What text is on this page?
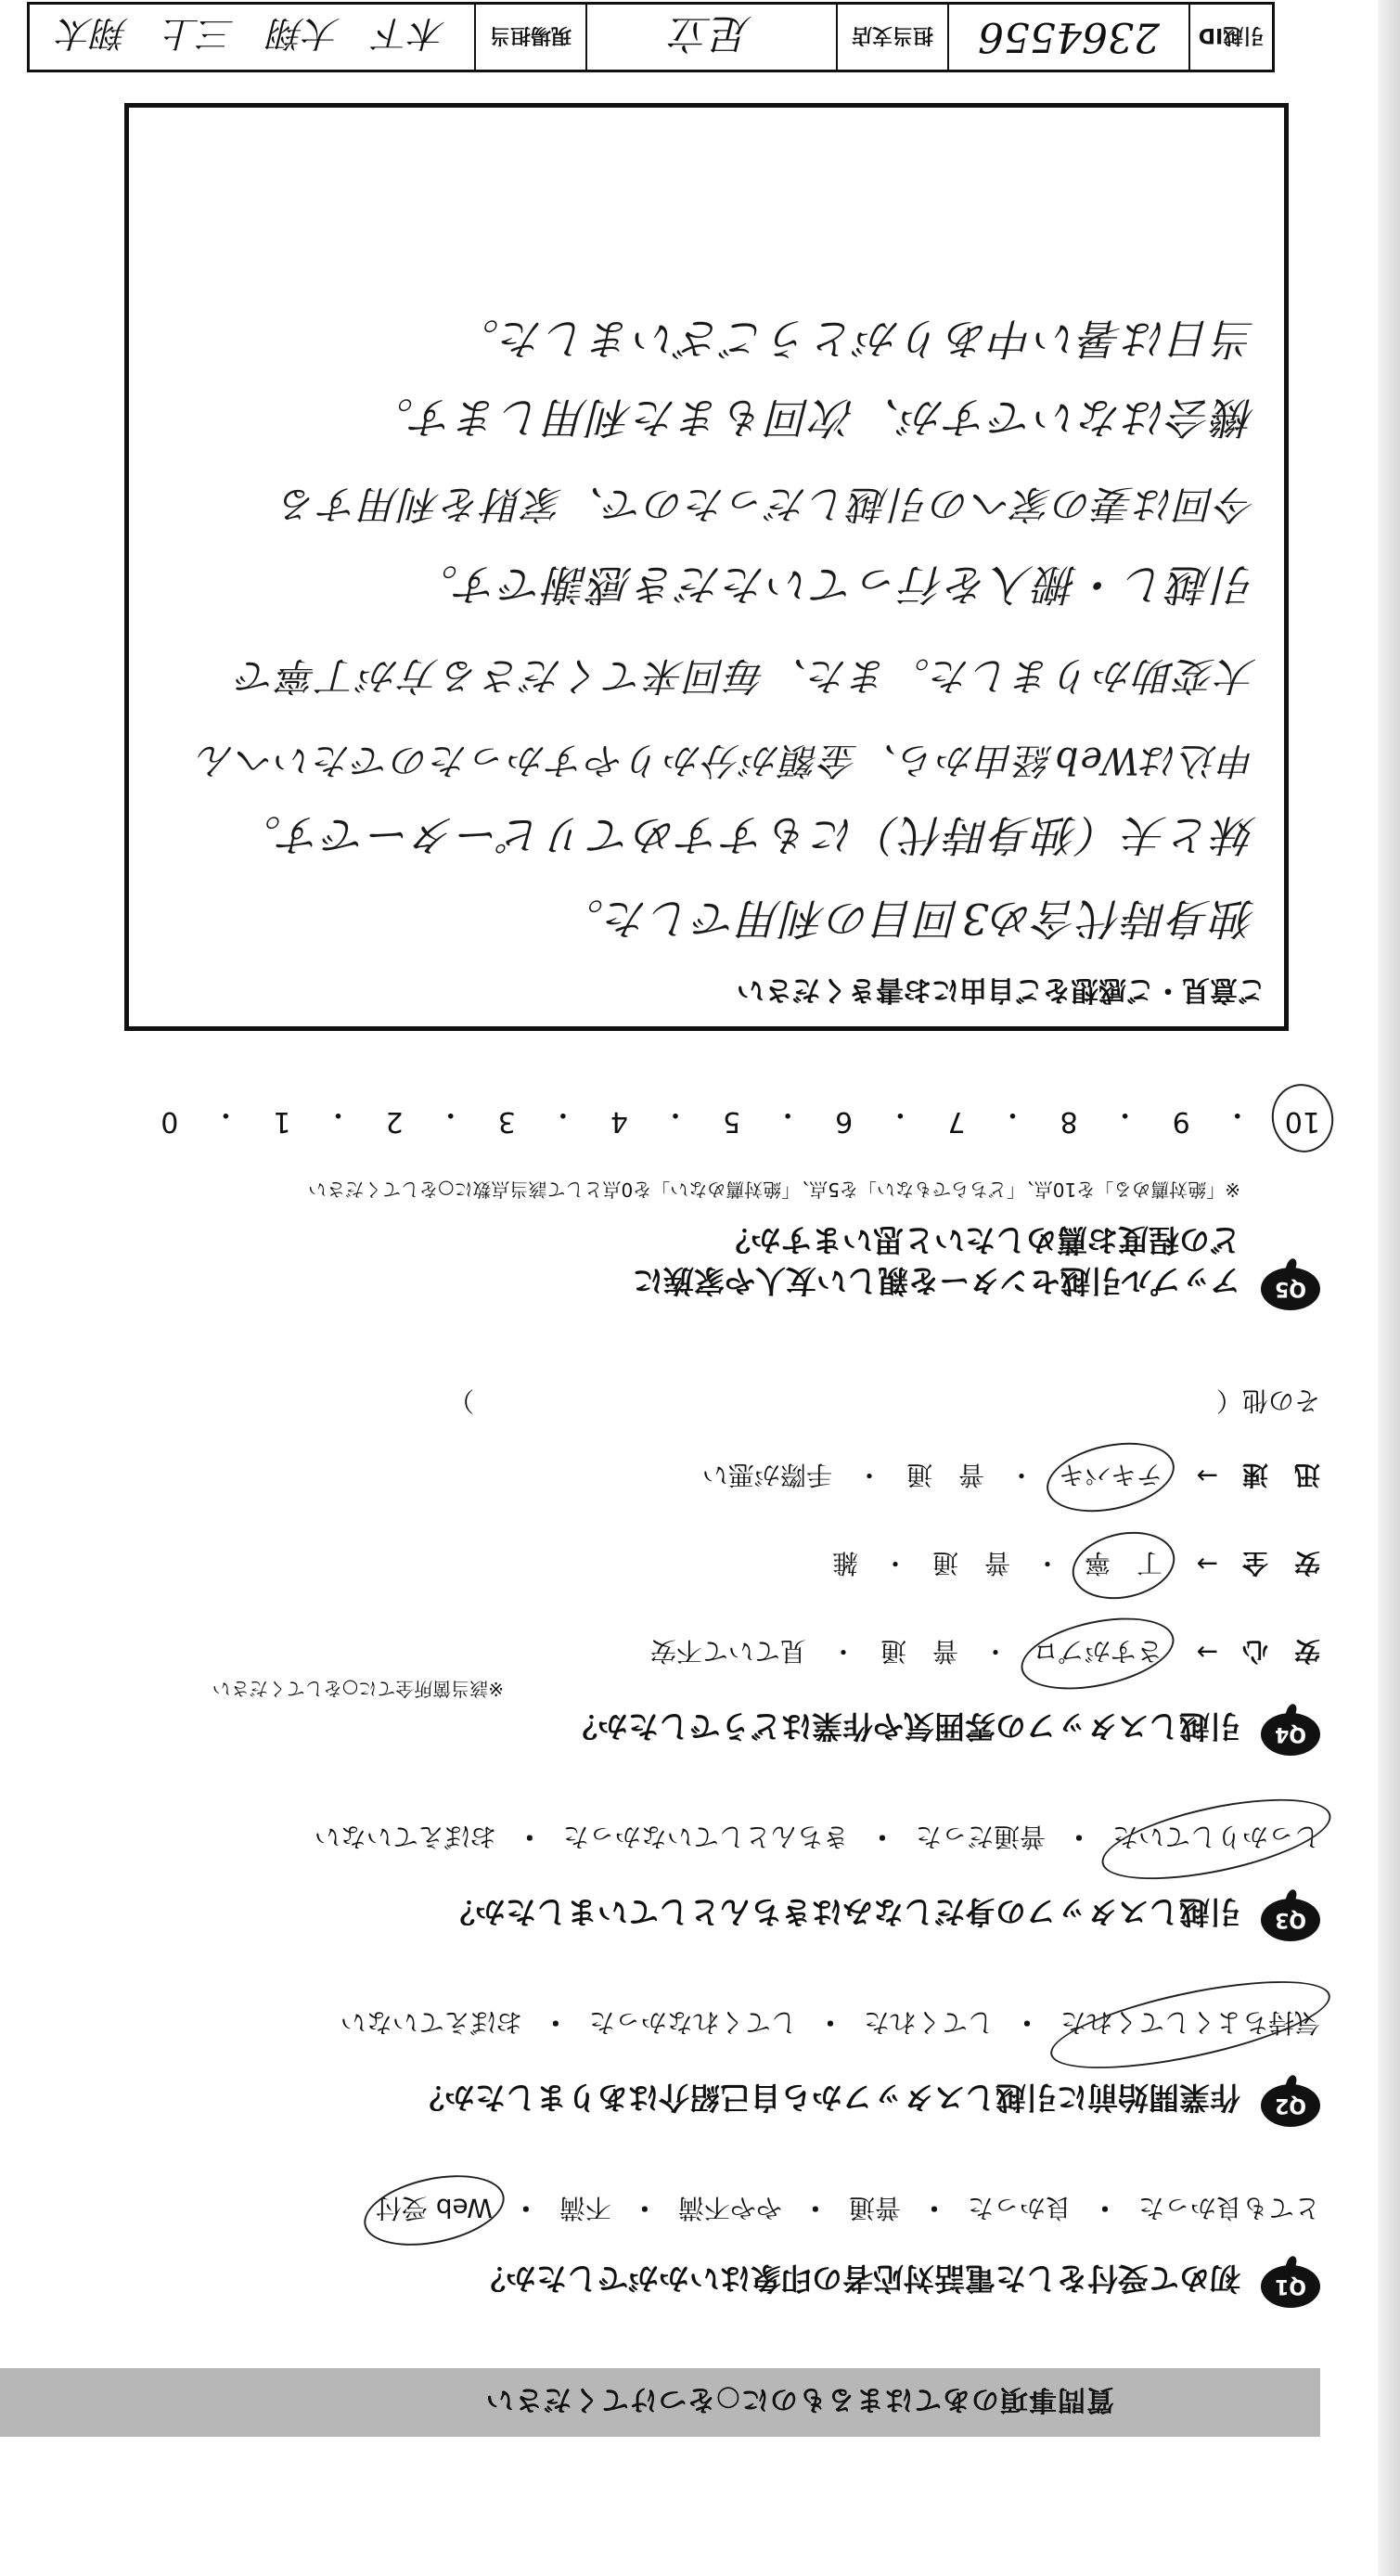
質問事項のあてはまるものに○をつけてください
Q1
初めて受付をした電話対応者の印象はいかがでしたか？
とても良かった
・
良かった
・
普通
・
やや不満
・
不満
・
Web 受付
Q2
作業開始前に引越しスタッフから自己紹介はありましたか？
気持ちよくしてくれた
・
してくれた
・
してくれなかった
・
おぼえていない
Q3
引越しスタッフの身だしなみはきちんとしていましたか？
しっかりしていた
・
普通だった
・
きちんとしていなかった
・
おぼえていない
Q4
引越しスタッフの雰囲気や作業はどうでしたか？
※該当箇所全てに○をしてください
安　心
→
さすがプロ
・
普　通
・
見ていて不安
安　全
→
丁　寧
・
普　通
・
雑
迅　速
→
テキパキ
・
普　通
・
手際が悪い
その他（
）
Q5
アップル引越センターを親しい友人や家族に
どの程度お薦めしたいと思いますか？
※「絶対薦める」を10点、「どちらでもない」を5点、「絶対薦めない」を0点として該当点数に○をしてください
10
・
9
・
8
・
7
・
6
・
5
・
4
・
3
・
2
・
1
・
0
ご意見・ご感想をご自由にお書きください
独身時代含め3回目の利用でした。
妹と夫（独身時代）にもすすめてリピーターです。
申込はWeb経由から、金額が分かりやすかったのでたいへん
大変助かりました。また、毎回来てくださる方が丁寧で
引越し・搬入を行っていただき感謝です。
今回は妻の家への引越しだったので、家財を利用する
機会はないですが、次回もまた利用します。
当日は暑い中ありがとうございました。
引越ID
2364556
担当支店
足立
現場担当
木下　大翔　三上　翔太
